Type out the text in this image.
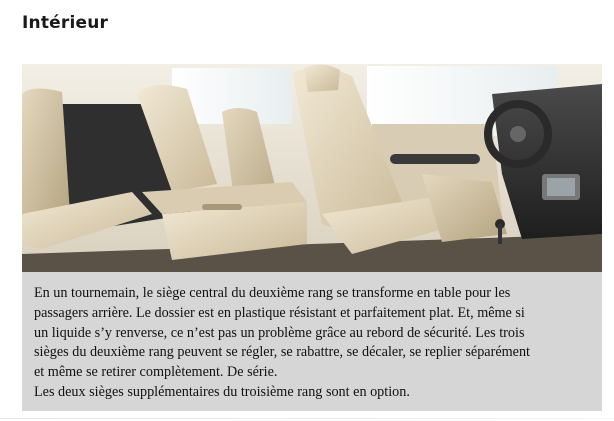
Intérieur

En un tournemain, le siège central du deuxième rang se transforme en table pour les

passagers arrière. Le dossier est en plastique résistant et parfaitement plat. Et, même si

un liquide s’y renverse, ce n’est pas un problème grâce au rebord de sécurité. Les trois

sièges du deuxième rang peuvent se régler, se rabattre, se décaler, se replier séparément

et même se retirer complètement. De série.

Les deux sièges supplémentaires du troisième rang sont en option.
